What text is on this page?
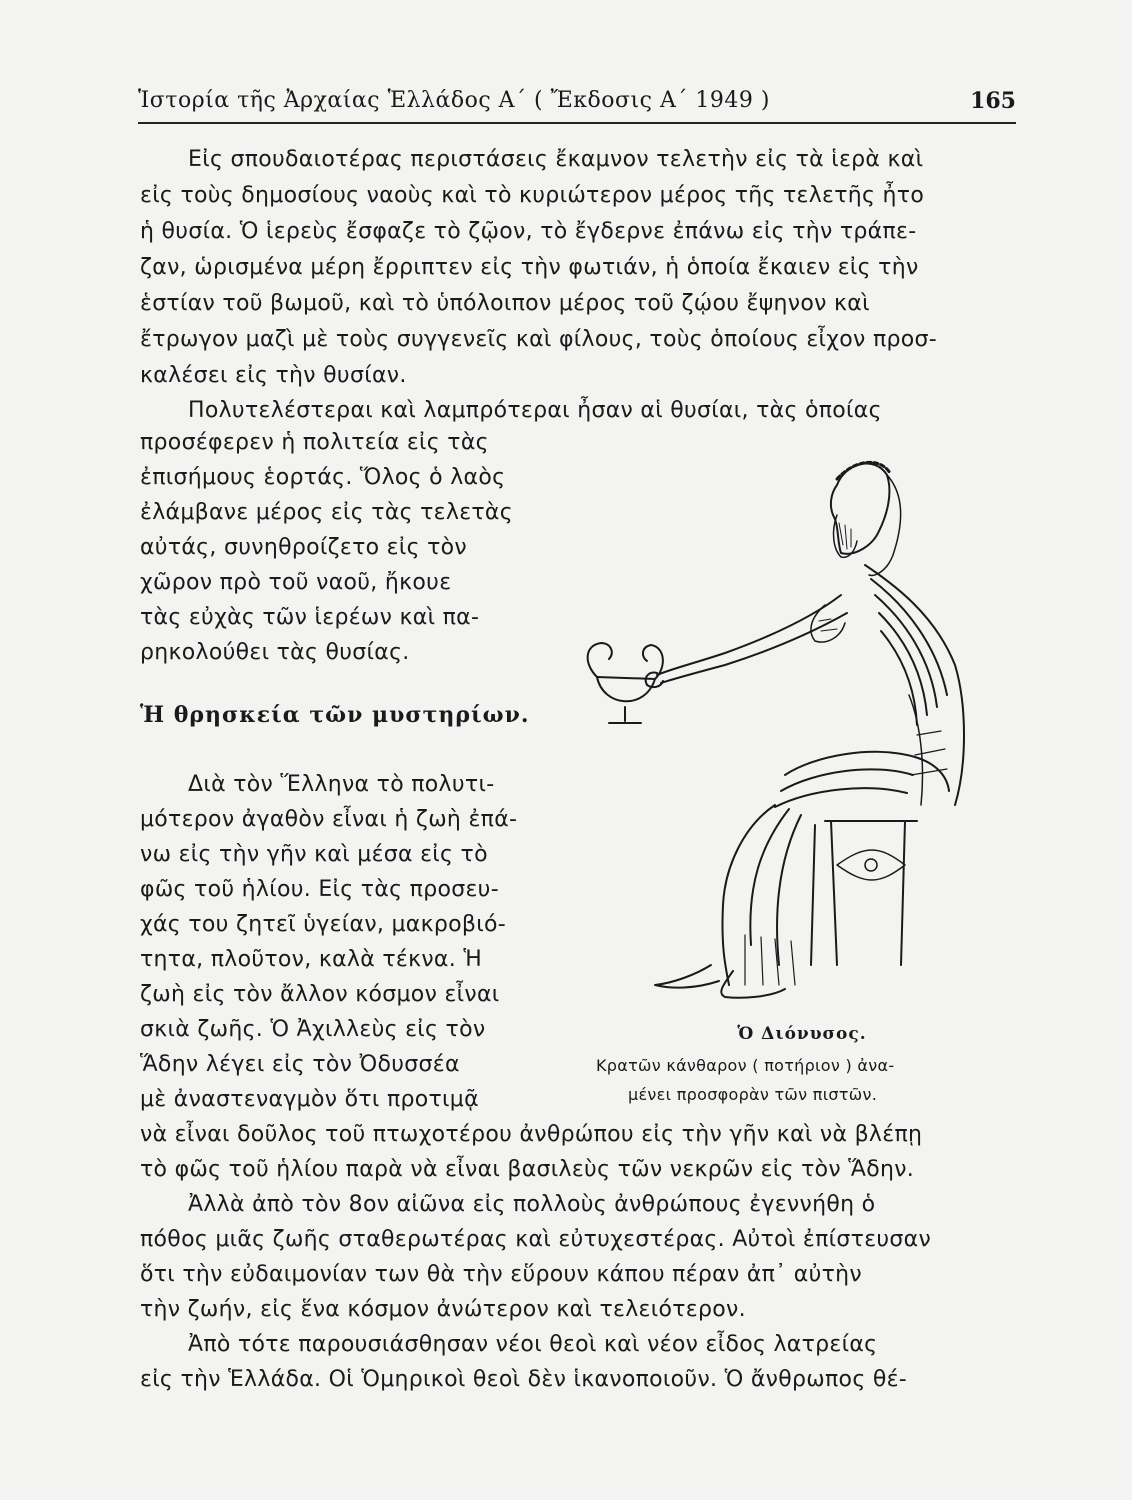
Ἱστορία τῆς Ἀρχαίας Ἑλλάδος Α΄ ( Ἔκδοσις Α΄ 1949 )	165
Εἰς σπουδαιοτέρας περιστάσεις ἔκαμνον τελετὴν εἰς τὰ ἱερὰ καὶ
εἰς τοὺς δημοσίους ναοὺς καὶ τὸ κυριώτερον μέρος τῆς τελετῆς ἦτο
ἡ θυσία. Ὁ ἱερεὺς ἔσφαζε τὸ ζῷον, τὸ ἔγδερνε ἐπάνω εἰς τὴν τράπε-
ζαν, ὡρισμένα μέρη ἔρριπτεν εἰς τὴν φωτιάν, ἡ ὁποία ἔκαιεν εἰς τὴν
ἑστίαν τοῦ βωμοῦ, καὶ τὸ ὑπόλοιπον μέρος τοῦ ζῴου ἔψηνον καὶ
ἔτρωγον μαζὶ μὲ τοὺς συγγενεῖς καὶ φίλους, τοὺς ὁποίους εἶχον προσ-
καλέσει εἰς τὴν θυσίαν.
Πολυτελέστεραι καὶ λαμπρότεραι ἦσαν αἱ θυσίαι, τὰς ὁποίας
προσέφερεν ἡ πολιτεία εἰς τὰς
ἐπισήμους ἑορτάς. Ὅλος ὁ λαὸς
ἐλάμβανε μέρος εἰς τὰς τελετὰς
αὐτάς, συνηθροίζετο εἰς τὸν
χῶρον πρὸ τοῦ ναοῦ, ἤκουε
τὰς εὐχὰς τῶν ἱερέων καὶ πα-
ρηκολούθει τὰς θυσίας.
Ἡ θρησκεία τῶν μυστηρίων.
Διὰ τὸν Ἕλληνα τὸ πολυτι-
μότερον ἀγαθὸν εἶναι ἡ ζωὴ ἐπά-
νω εἰς τὴν γῆν καὶ μέσα εἰς τὸ
φῶς τοῦ ἡλίου. Εἰς τὰς προσευ-
χάς του ζητεῖ ὑγείαν, μακροβιό-
τητα, πλοῦτον, καλὰ τέκνα. Ἡ
ζωὴ εἰς τὸν ἄλλον κόσμον εἶναι
σκιὰ ζωῆς. Ὁ Ἀχιλλεὺς εἰς τὸν
Ἅδην λέγει εἰς τὸν Ὀδυσσέα
μὲ ἀναστεναγμὸν ὅτι προτιμᾷ
νὰ εἶναι δοῦλος τοῦ πτωχοτέρου ἀνθρώπου εἰς τὴν γῆν καὶ νὰ βλέπῃ
τὸ φῶς τοῦ ἡλίου παρὰ νὰ εἶναι βασιλεὺς τῶν νεκρῶν εἰς τὸν Ἅδην.
Ἀλλὰ ἀπὸ τὸν 8ον αἰῶνα εἰς πολλοὺς ἀνθρώπους ἐγεννήθη ὁ
πόθος μιᾶς ζωῆς σταθερωτέρας καὶ εὐτυχεστέρας. Αὐτοὶ ἐπίστευσαν
ὅτι τὴν εὐδαιμονίαν των θὰ τὴν εὕρουν κάπου πέραν ἀπ᾽ αὐτὴν
τὴν ζωήν, εἰς ἕνα κόσμον ἀνώτερον καὶ τελειότερον.
Ἀπὸ τότε παρουσιάσθησαν νέοι θεοὶ καὶ νέον εἶδος λατρείας
εἰς τὴν Ἑλλάδα. Οἱ Ὁμηρικοὶ θεοὶ δὲν ἱκανοποιοῦν. Ὁ ἄνθρωπος θέ-
Ὁ Διόνυσος.
Κρατῶν κάνθαρον ( ποτήριον ) ἀνα-
μένει προσφορὰν τῶν πιστῶν.
